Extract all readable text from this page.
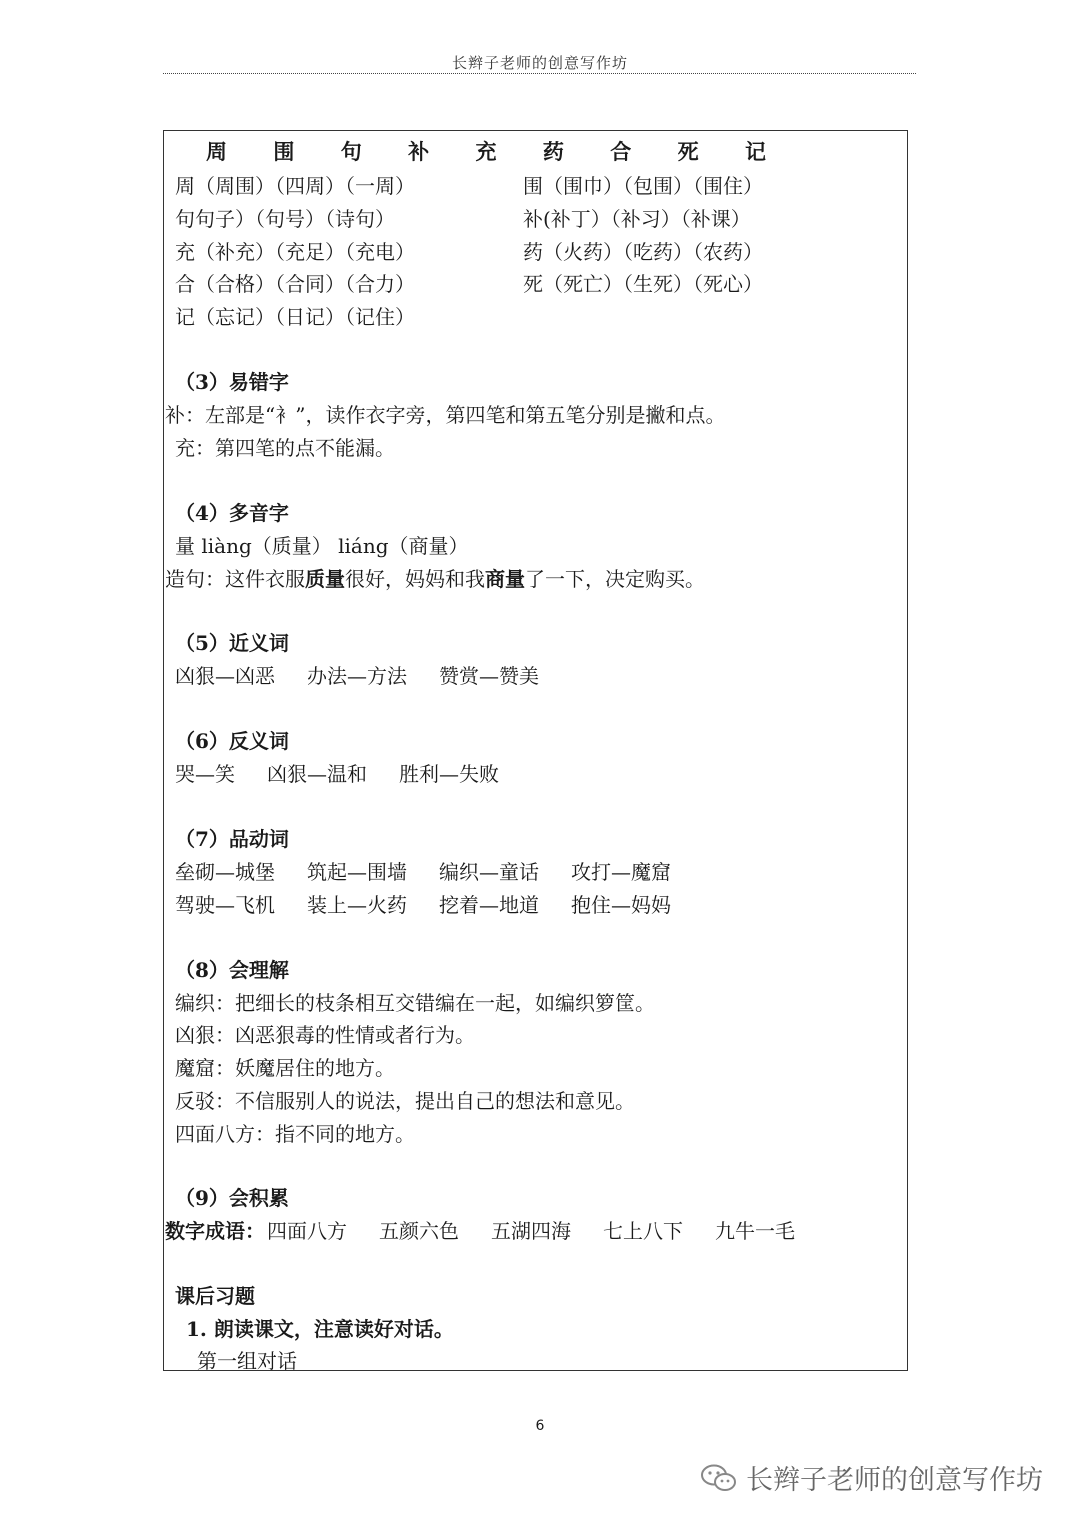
长辫子老师的创意写作坊
周 围 句 补 充 药 合 死 记
周（周围）（四周）（一周）
句句子）（句号）（诗句）
充（补充）（充足）（充电）
合（合格）（合同）（合力）
记（忘记）（日记）（记住）
围（围巾）（包围）（围住）
补(补丁）（补习）（补课）
药（火药）（吃药）（农药）
死（死亡）（生死）（死心）
（3）易错字
补：左部是“衤”，读作衣字旁，第四笔和第五笔分别是撇和点。
充：第四笔的点不能漏。
（4）多音字
量 liàng（质量） liáng（商量）
造句：这件衣服质量很好，妈妈和我商量了一下，决定购买。
（5）近义词
凶狠—凶恶 办法—方法 赞赏—赞美
（6）反义词
哭—笑 凶狠—温和 胜利—失败
（7）品动词
垒砌—城堡 筑起—围墙 编织—童话 攻打—魔窟
驾驶—飞机 装上—火药 挖着—地道 抱住—妈妈
（8）会理解
编织：把细长的枝条相互交错编在一起，如编织箩筐。
凶狠：凶恶狠毒的性情或者行为。
魔窟：妖魔居住的地方。
反驳：不信服别人的说法，提出自己的想法和意见。
四面八方：指不同的地方。
（9）会积累
数字成语： 四面八方 五颜六色 五湖四海 七上八下 九牛一毛
课后习题
1. 朗读课文，注意读好对话。
第一组对话
6
长辫子老师的创意写作坊
